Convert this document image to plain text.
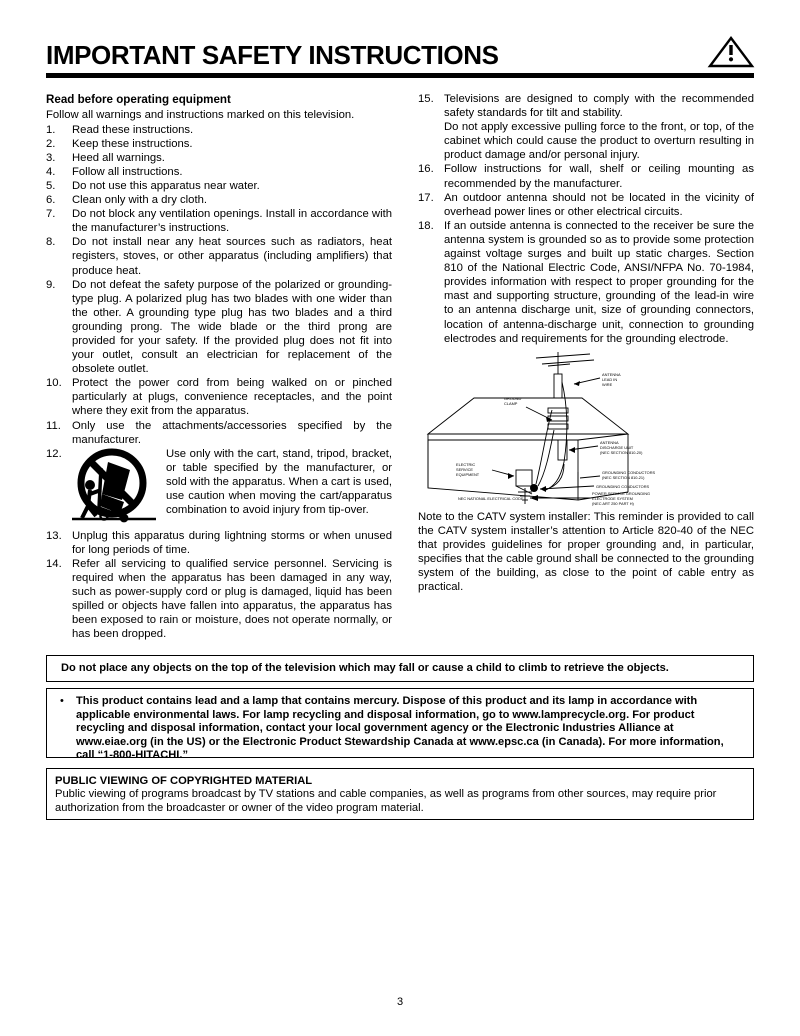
IMPORTANT SAFETY INSTRUCTIONS

Read before operating equipment

Follow all warnings and instructions marked on this television.

1.	Read these instructions.
2.	Keep these instructions.
3.	Heed all warnings.
4.	Follow all instructions.
5.	Do not use this apparatus near water.
6.	Clean only with a dry cloth.
7.	Do not block any ventilation openings. Install in accordance with the manufacturer’s instructions.
8.	Do not install near any heat sources such as radiators, heat registers, stoves, or other apparatus (including amplifiers) that produce heat.
9.	Do not defeat the safety purpose of the polarized or grounding-type plug. A polarized plug has two blades with one wider than the other. A grounding type plug has two blades and a third grounding prong. The wide blade or the third prong are provided for your safety. If the provided plug does not fit into your outlet, consult an electrician for replacement of the obsolete outlet.
10. Protect the power cord from being walked on or pinched particularly at plugs, convenience receptacles, and the point where they exit from the apparatus.
11. Only use the attachments/accessories specified by the manufacturer.
12.	Use only with the cart, stand, tripod, bracket, or table specified by the manufacturer, or sold with the apparatus. When a cart is used, use caution when moving the cart/apparatus combination to avoid injury from tip-over.
13. Unplug this apparatus during lightning storms or when unused for long periods of time.
14. Refer all servicing to qualified service personnel. Servicing is required when the apparatus has been damaged in any way, such as power-supply cord or plug is damaged, liquid has been spilled or objects have fallen into apparatus, the apparatus has been exposed to rain or moisture, does not operate normally, or has been dropped.
15. Televisions are designed to comply with the recommended safety standards for tilt and stability.

Do not apply excessive pulling force to the front, or top, of the cabinet which could cause the product to overturn resulting in product damage and/or personal injury.

16. Follow instructions for wall, shelf or ceiling mounting as recommended by the manufacturer.
17. An outdoor antenna should not be located in the vicinity of overhead power lines or other electrical circuits.
18. If an outside antenna is connected to the receiver be sure the antenna system is grounded so as to provide some protection against voltage surges and built up static charges. Section 810 of the National Electric Code, ANSI/NFPA No. 70-1984, provides information with respect to proper grounding for the mast and supporting structure, grounding of the lead-in wire to an antenna discharge unit, size of grounding connectors, location of antenna-discharge unit, connection to grounding electrodes and requirements for the grounding electrode.
ANTENNA
LEAD IN
WIRE
GROUND
CLAMP
ANTENNA
DISCHARGE UNIT
(NEC SECTION 810-20)
ELECTRIC
SERVICE
EQUIPMENT	GROUNDING CONDUCTORS
(NEC SECTION 810-21)
GROUNDING CONDUCTORS
POWER SERVICE GROUNDING
ELECTRODE SYSTEM
(NEC ART 250 PART H)
NEC NATIONAL ELECTRICAL CODE

Note to the CATV system installer: This reminder is provided to call the CATV system installer’s attention to Article 820-40 of the NEC that provides guidelines for proper grounding and, in particular, specifies that the cable ground shall be connected to the grounding system of the building, as close to the point of cable entry as practical.

Do not place any objects on the top of the television which may fall or cause a child to climb to retrieve the objects.

•	This product contains lead and a lamp that contains mercury. Dispose of this product and its lamp in accordance with applicable environmental laws. For lamp recycling and disposal information, go to www.lamprecycle.org. For product recycling and disposal information, contact your local government agency or the Electronic Industries Alliance at www.eiae.org (in the US) or the Electronic Product Stewardship Canada at www.epsc.ca (in Canada). For more information, call “1-800-HITACHI.”

PUBLIC VIEWING OF COPYRIGHTED MATERIAL

Public viewing of programs broadcast by TV stations and cable companies, as well as programs from other sources, may require prior authorization from the broadcaster or owner of the video program material.

3
